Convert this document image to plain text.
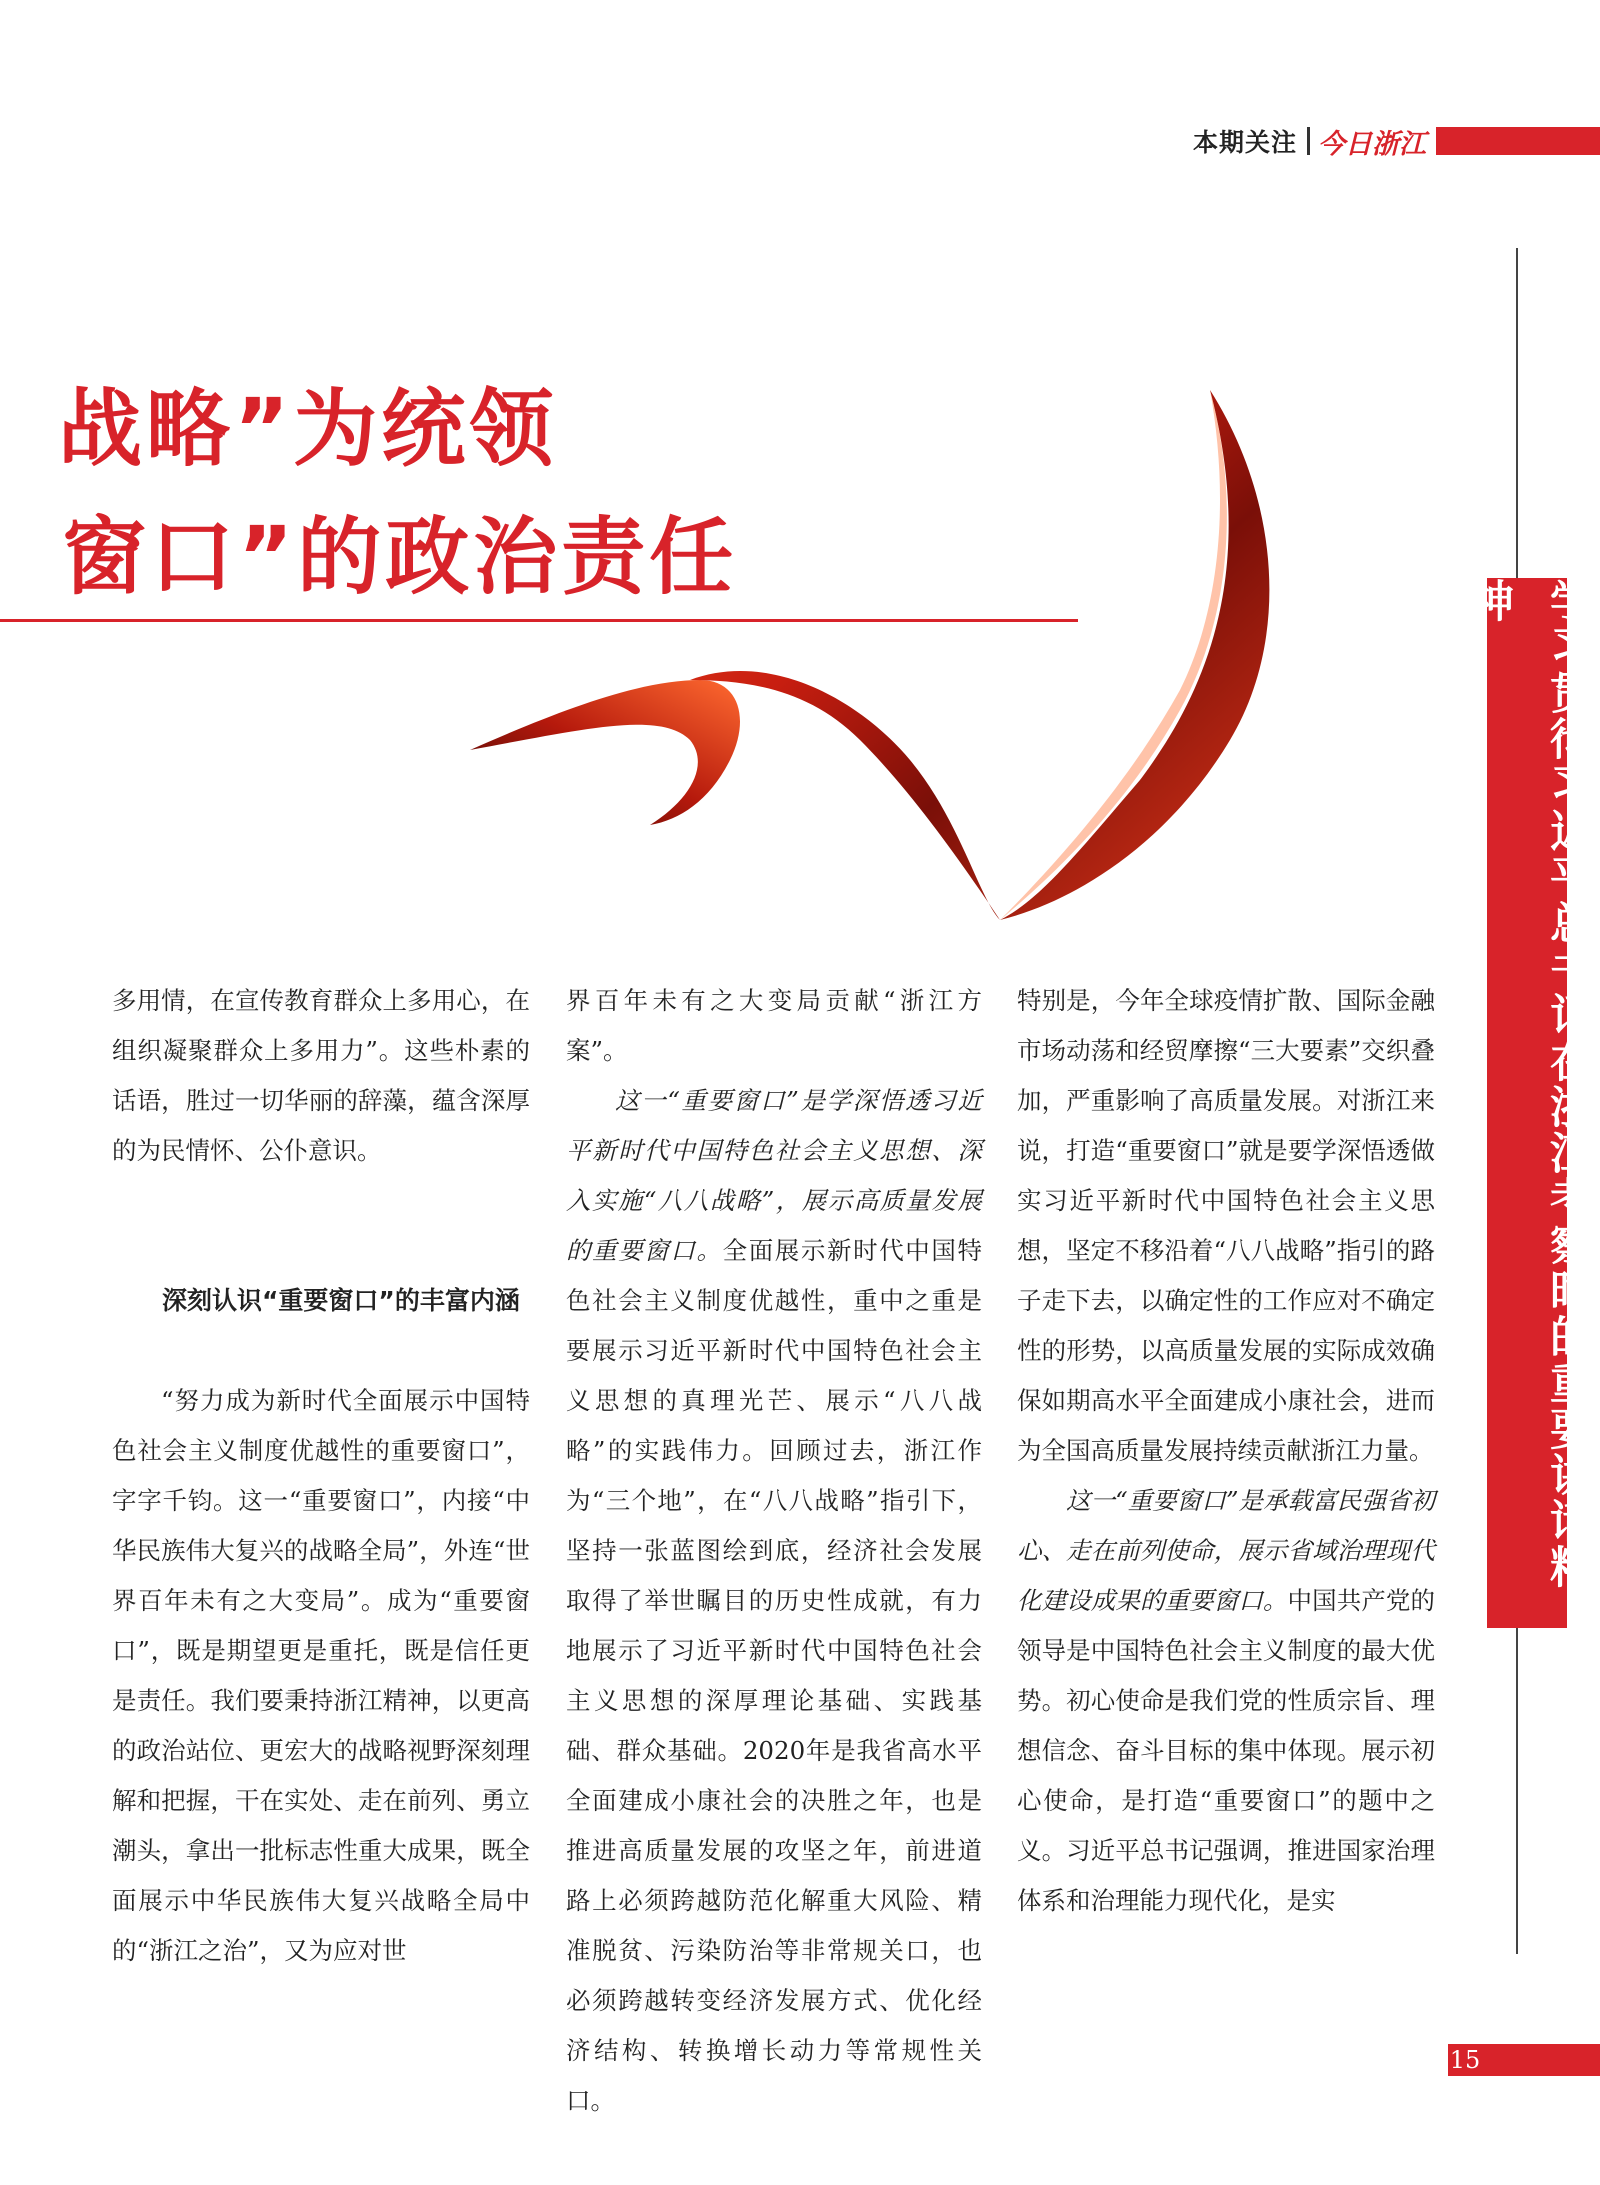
本期关注 今日浙江
学习贯彻习近平总书记在浙江考察时的重要讲话精神
战略”为统领
窗口”的政治责任

多用情，在宣传教育群众上多用心，在组织凝聚群众上多用力”。这些朴素的话语，胜过一切华丽的辞藻，蕴含深厚的为民情怀、公仆意识。

深刻认识“重要窗口”的丰富内涵

“努力成为新时代全面展示中国特色社会主义制度优越性的重要窗口”，字字千钧。这一“重要窗口”，内接“中华民族伟大复兴的战略全局”，外连“世界百年未有之大变局”。成为“重要窗口”，既是期望更是重托，既是信任更是责任。我们要秉持浙江精神，以更高的政治站位、更宏大的战略视野深刻理解和把握，干在实处、走在前列、勇立潮头，拿出一批标志性重大成果，既全面展示中华民族伟大复兴战略全局中的“浙江之治”，又为应对世

界百年未有之大变局贡献“浙江方案”。

这一“重要窗口”是学深悟透习近平新时代中国特色社会主义思想、深入实施“八八战略”，展示高质量发展的重要窗口。全面展示新时代中国特色社会主义制度优越性，重中之重是要展示习近平新时代中国特色社会主义思想的真理光芒、展示“八八战略”的实践伟力。回顾过去，浙江作为“三个地”，在“八八战略”指引下，坚持一张蓝图绘到底，经济社会发展取得了举世瞩目的历史性成就，有力地展示了习近平新时代中国特色社会主义思想的深厚理论基础、实践基础、群众基础。2020年是我省高水平全面建成小康社会的决胜之年，也是推进高质量发展的攻坚之年，前进道路上必须跨越防范化解重大风险、精准脱贫、污染防治等非常规关口，也必须跨越转变经济发展方式、优化经济结构、转换增长动力等常规性关口。

特别是，今年全球疫情扩散、国际金融市场动荡和经贸摩擦“三大要素”交织叠加，严重影响了高质量发展。对浙江来说，打造“重要窗口”就是要学深悟透做实习近平新时代中国特色社会主义思想，坚定不移沿着“八八战略”指引的路子走下去，以确定性的工作应对不确定性的形势，以高质量发展的实际成效确保如期高水平全面建成小康社会，进而为全国高质量发展持续贡献浙江力量。

这一“重要窗口”是承载富民强省初心、走在前列使命，展示省域治理现代化建设成果的重要窗口。中国共产党的领导是中国特色社会主义制度的最大优势。初心使命是我们党的性质宗旨、理想信念、奋斗目标的集中体现。展示初心使命，是打造“重要窗口”的题中之义。习近平总书记强调，推进国家治理体系和治理能力现代化，是实

15
